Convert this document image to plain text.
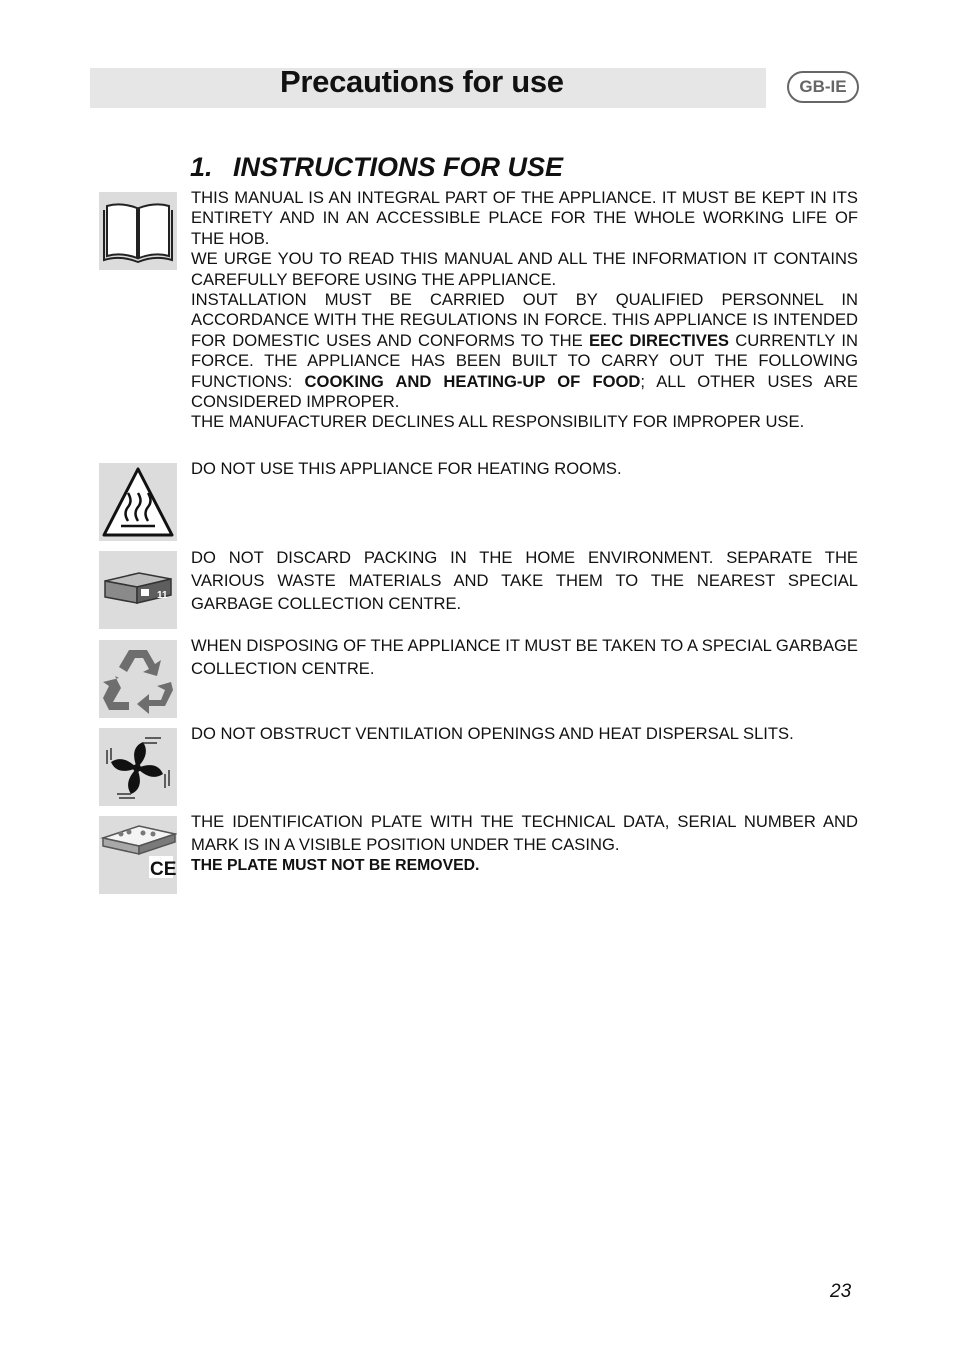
Precautions for use	GB-IE
1. INSTRUCTIONS FOR USE

THIS MANUAL IS AN INTEGRAL PART OF THE APPLIANCE. IT MUST BE KEPT IN ITS ENTIRETY AND IN AN ACCESSIBLE PLACE FOR THE WHOLE WORKING LIFE OF THE HOB.

WE URGE YOU TO READ THIS MANUAL AND ALL THE INFORMATION IT CONTAINS CAREFULLY BEFORE USING THE APPLIANCE.

INSTALLATION MUST BE CARRIED OUT BY QUALIFIED PERSONNEL IN ACCORDANCE WITH THE REGULATIONS IN FORCE. THIS APPLIANCE IS INTENDED FOR DOMESTIC USES AND CONFORMS TO THE EEC DIRECTIVES CURRENTLY IN FORCE. THE APPLIANCE HAS BEEN BUILT TO CARRY OUT THE FOLLOWING FUNCTIONS: COOKING AND HEATING-UP OF FOOD; ALL OTHER USES ARE CONSIDERED IMPROPER.

THE MANUFACTURER DECLINES ALL RESPONSIBILITY FOR IMPROPER USE.

DO NOT USE THIS APPLIANCE FOR HEATING ROOMS.
11
DO NOT DISCARD PACKING IN THE HOME ENVIRONMENT. SEPARATE THE VARIOUS WASTE MATERIALS AND TAKE THEM TO THE NEAREST SPECIAL GARBAGE COLLECTION CENTRE.
WHEN DISPOSING OF THE APPLIANCE IT MUST BE TAKEN TO A SPECIAL GARBAGE COLLECTION CENTRE.
DO NOT OBSTRUCT VENTILATION OPENINGS AND HEAT DISPERSAL SLITS.
CE

THE IDENTIFICATION PLATE WITH THE TECHNICAL DATA, SERIAL NUMBER AND MARK IS IN A VISIBLE POSITION UNDER THE CASING.

THE PLATE MUST NOT BE REMOVED.

23
